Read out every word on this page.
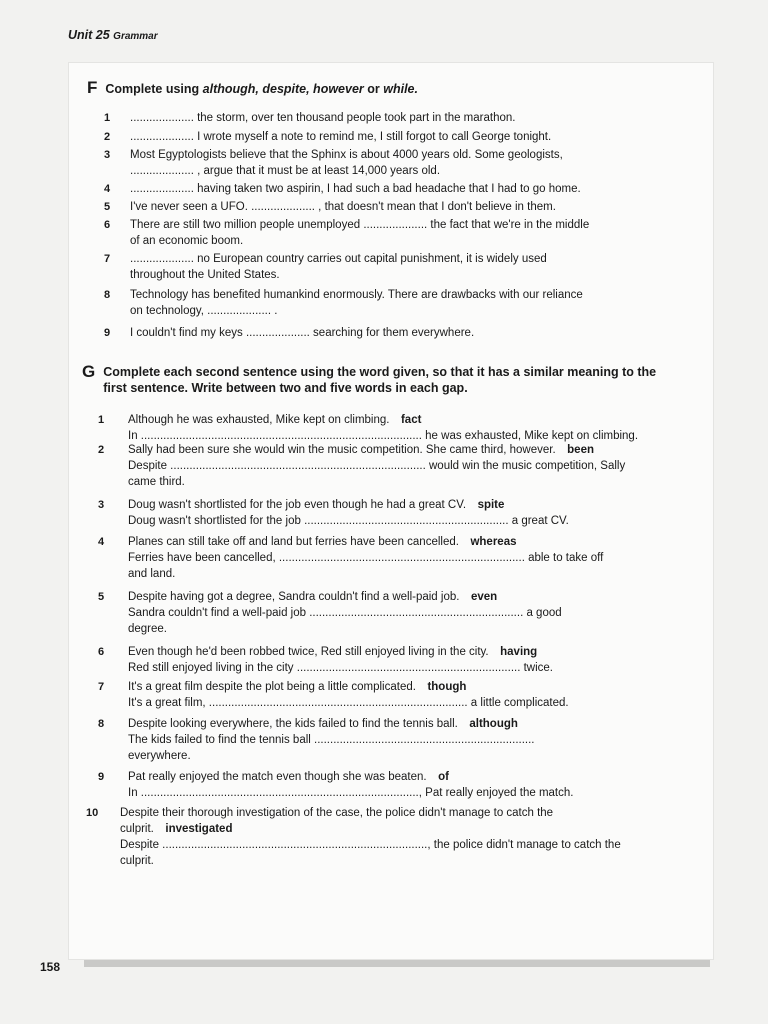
Unit 25 Grammar
F Complete using although, despite, however or while.
1	.................... the storm, over ten thousand people took part in the marathon.
2	.................... I wrote myself a note to remind me, I still forgot to call George tonight.
3	Most Egyptologists believe that the Sphinx is about 4000 years old. Some geologists,
.................... , argue that it must be at least 14,000 years old.
4	.................... having taken two aspirin, I had such a bad headache that I had to go home.
5	I've never seen a UFO. .................... , that doesn't mean that I don't believe in them.
6	There are still two million people unemployed .................... the fact that we're in the middle
of an economic boom.
7	.................... no European country carries out capital punishment, it is widely used
throughout the United States.
8	Technology has benefited humankind enormously. There are drawbacks with our reliance
on technology, .................... .
9	I couldn't find my keys .................... searching for them everywhere.
G Complete each second sentence using the word given, so that it has a similar meaning to the
first sentence. Write between two and five words in each gap.
1	Although he was exhausted, Mike kept on climbing.  fact
In ........................................................................................ he was exhausted, Mike kept on climbing.
2	Sally had been sure she would win the music competition. She came third, however.  been
Despite ................................................................................ would win the music competition, Sally
came third.
3	Doug wasn't shortlisted for the job even though he had a great CV.  spite
Doug wasn't shortlisted for the job ................................................................ a great CV.
4	Planes can still take off and land but ferries have been cancelled.  whereas
Ferries have been cancelled, ............................................................................. able to take off
and land.
5	Despite having got a degree, Sandra couldn't find a well-paid job.  even
Sandra couldn't find a well-paid job ................................................................... a good
degree.
6	Even though he'd been robbed twice, Red still enjoyed living in the city.  having
Red still enjoyed living in the city ...................................................................... twice.
7	It's a great film despite the plot being a little complicated.  though
It's a great film, ................................................................................. a little complicated.
8	Despite looking everywhere, the kids failed to find the tennis ball.  although
The kids failed to find the tennis ball .....................................................................
everywhere.
9	Pat really enjoyed the match even though she was beaten.  of
In ......................................................................................., Pat really enjoyed the match.
10	Despite their thorough investigation of the case, the police didn't manage to catch the
culprit.  investigated
Despite ..................................................................................., the police didn't manage to catch the
culprit.
158
